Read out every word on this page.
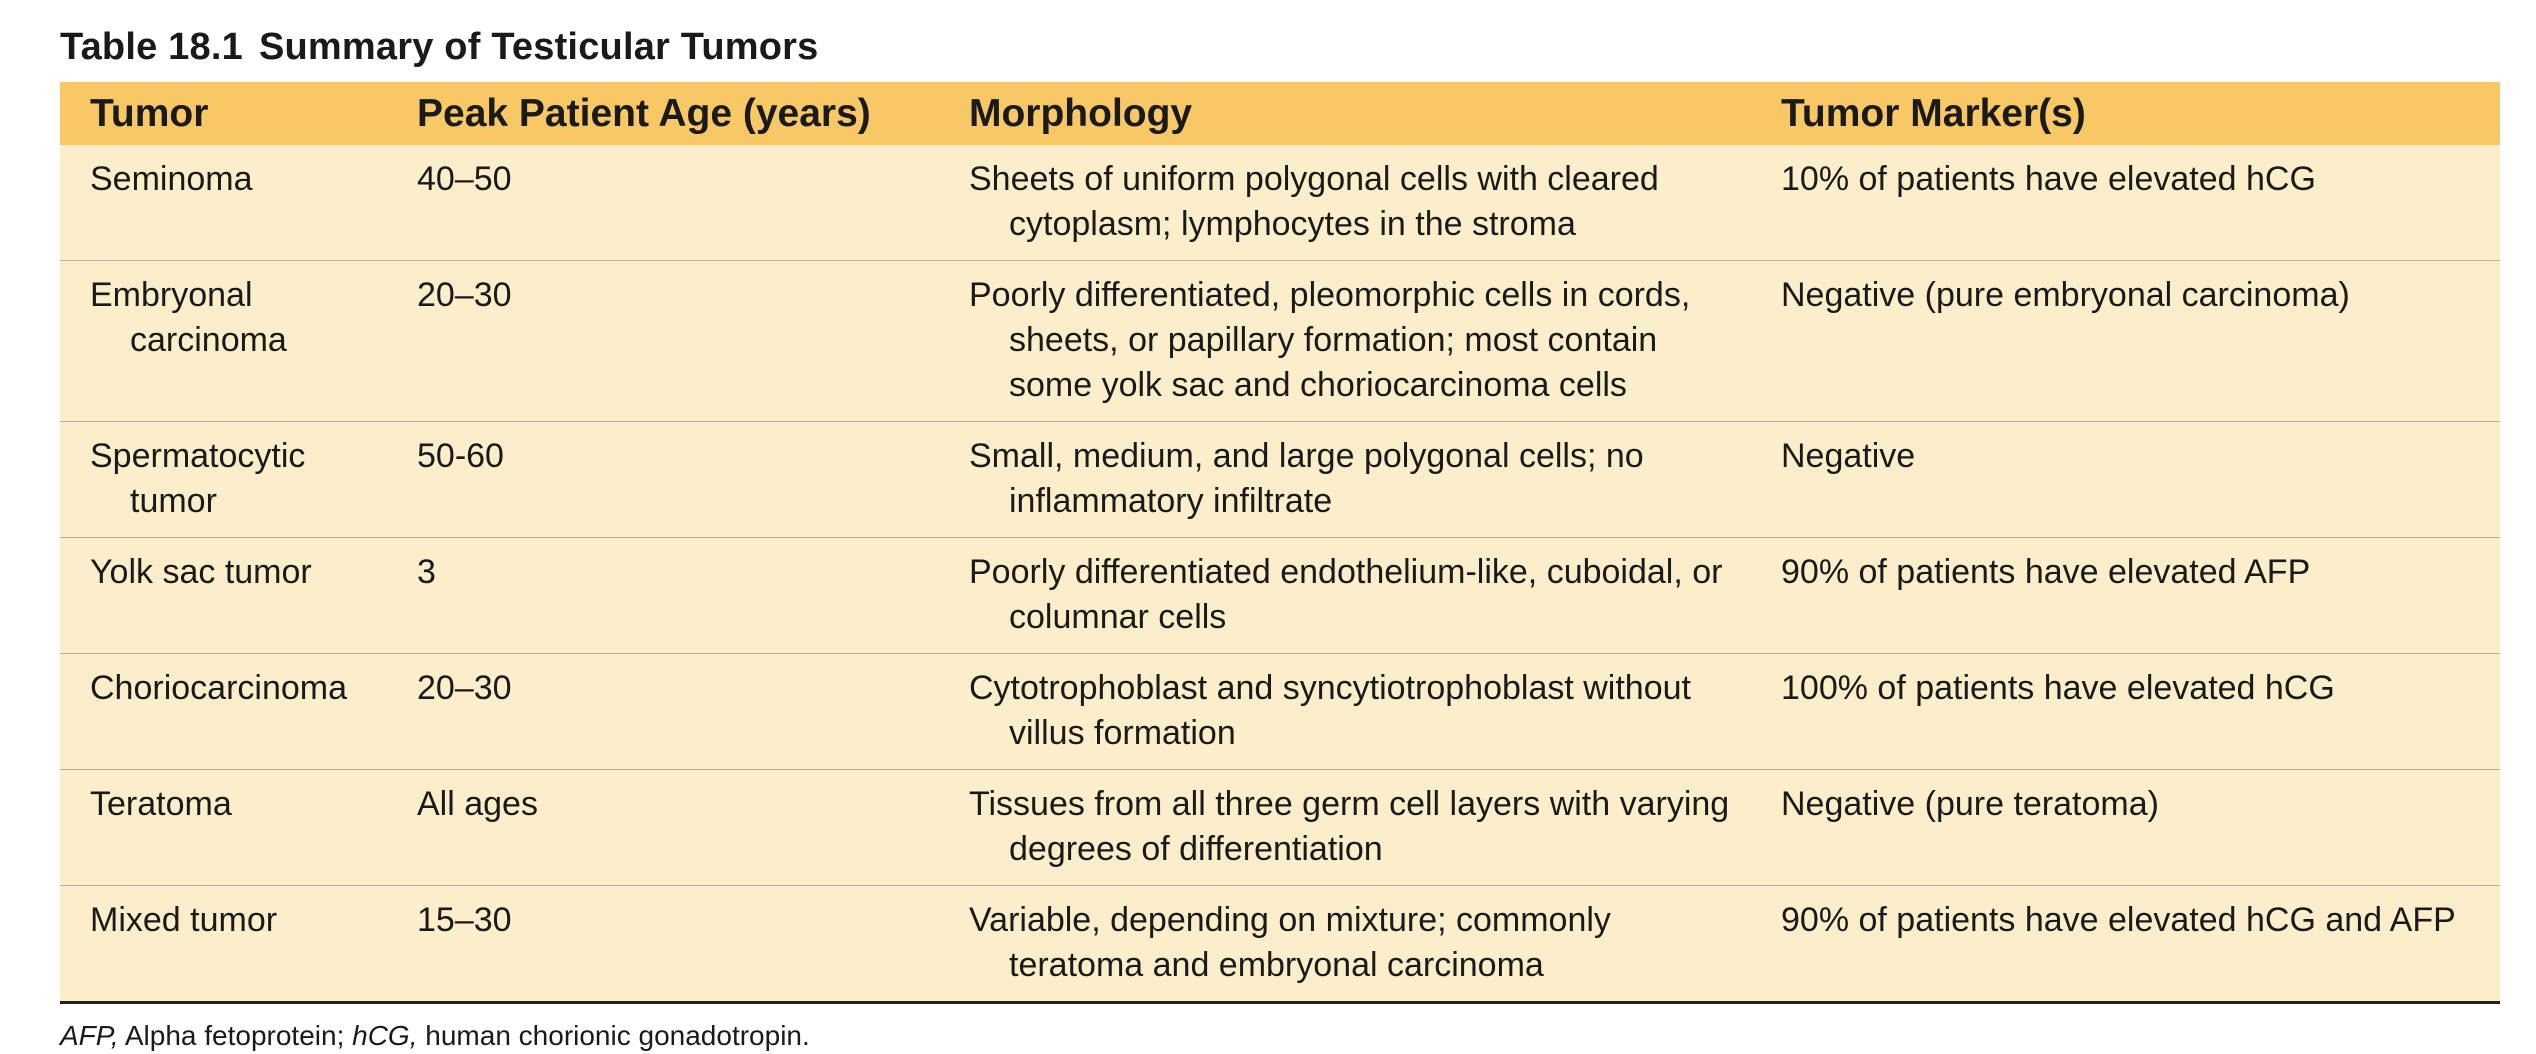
Table 18.1 Summary of Testicular Tumors
Tumor	Peak Patient Age (years)	Morphology	Tumor Marker(s)

Seminoma	40–50	Sheets of uniform polygonal cells with cleared cytoplasm; lymphocytes in the stroma	10% of patients have elevated hCG

Embryonal carcinoma	20–30	Poorly differentiated, pleomorphic cells in cords, sheets, or papillary formation; most contain some yolk sac and choriocarcinoma cells	Negative (pure embryonal carcinoma)

Spermatocytic tumor	50-60	Small, medium, and large polygonal cells; no inflammatory infiltrate	Negative

Yolk sac tumor	3	Poorly differentiated endothelium-like, cuboidal, or columnar cells	90% of patients have elevated AFP

Choriocarcinoma	20–30	Cytotrophoblast and syncytiotrophoblast without villus formation	100% of patients have elevated hCG

Teratoma	All ages	Tissues from all three germ cell layers with varying degrees of differentiation	Negative (pure teratoma)

Mixed tumor	15–30	Variable, depending on mixture; commonly teratoma and embryonal carcinoma	90% of patients have elevated hCG and AFP
AFP, Alpha fetoprotein; hCG, human chorionic gonadotropin.
